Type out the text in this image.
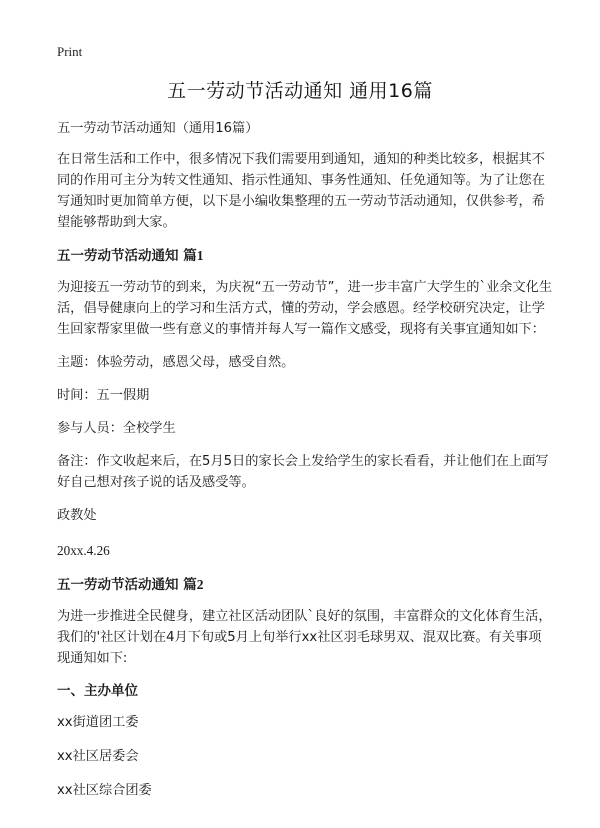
Print
五一劳动节活动通知 通用16篇

五一劳动节活动通知（通用16篇）

在日常生活和工作中，很多情况下我们需要用到通知，通知的种类比较多，根据其不同的作用可主分为转文性通知、指示性通知、事务性通知、任免通知等。为了让您在写通知时更加简单方便，以下是小编收集整理的五一劳动节活动通知，仅供参考，希望能够帮助到大家。

五一劳动节活动通知 篇1

为迎接五一劳动节的到来，为庆祝“五一劳动节”，进一步丰富广大学生的`业余文化生活，倡导健康向上的学习和生活方式，懂的劳动，学会感恩。经学校研究决定，让学生回家帮家里做一些有意义的事情并每人写一篇作文感受，现将有关事宜通知如下：

主题：体验劳动，感恩父母，感受自然。

时间：五一假期

参与人员：全校学生

备注：作文收起来后，在5月5日的家长会上发给学生的家长看看，并让他们在上面写好自己想对孩子说的话及感受等。

政教处

20xx.4.26

五一劳动节活动通知 篇2

为进一步推进全民健身，建立社区活动团队`良好的氛围，丰富群众的文化体育生活，我们的'社区计划在4月下旬或5月上旬举行xx社区羽毛球男双、混双比赛。有关事项现通知如下:

一、主办单位

xx街道团工委

xx社区居委会

xx社区综合团委
